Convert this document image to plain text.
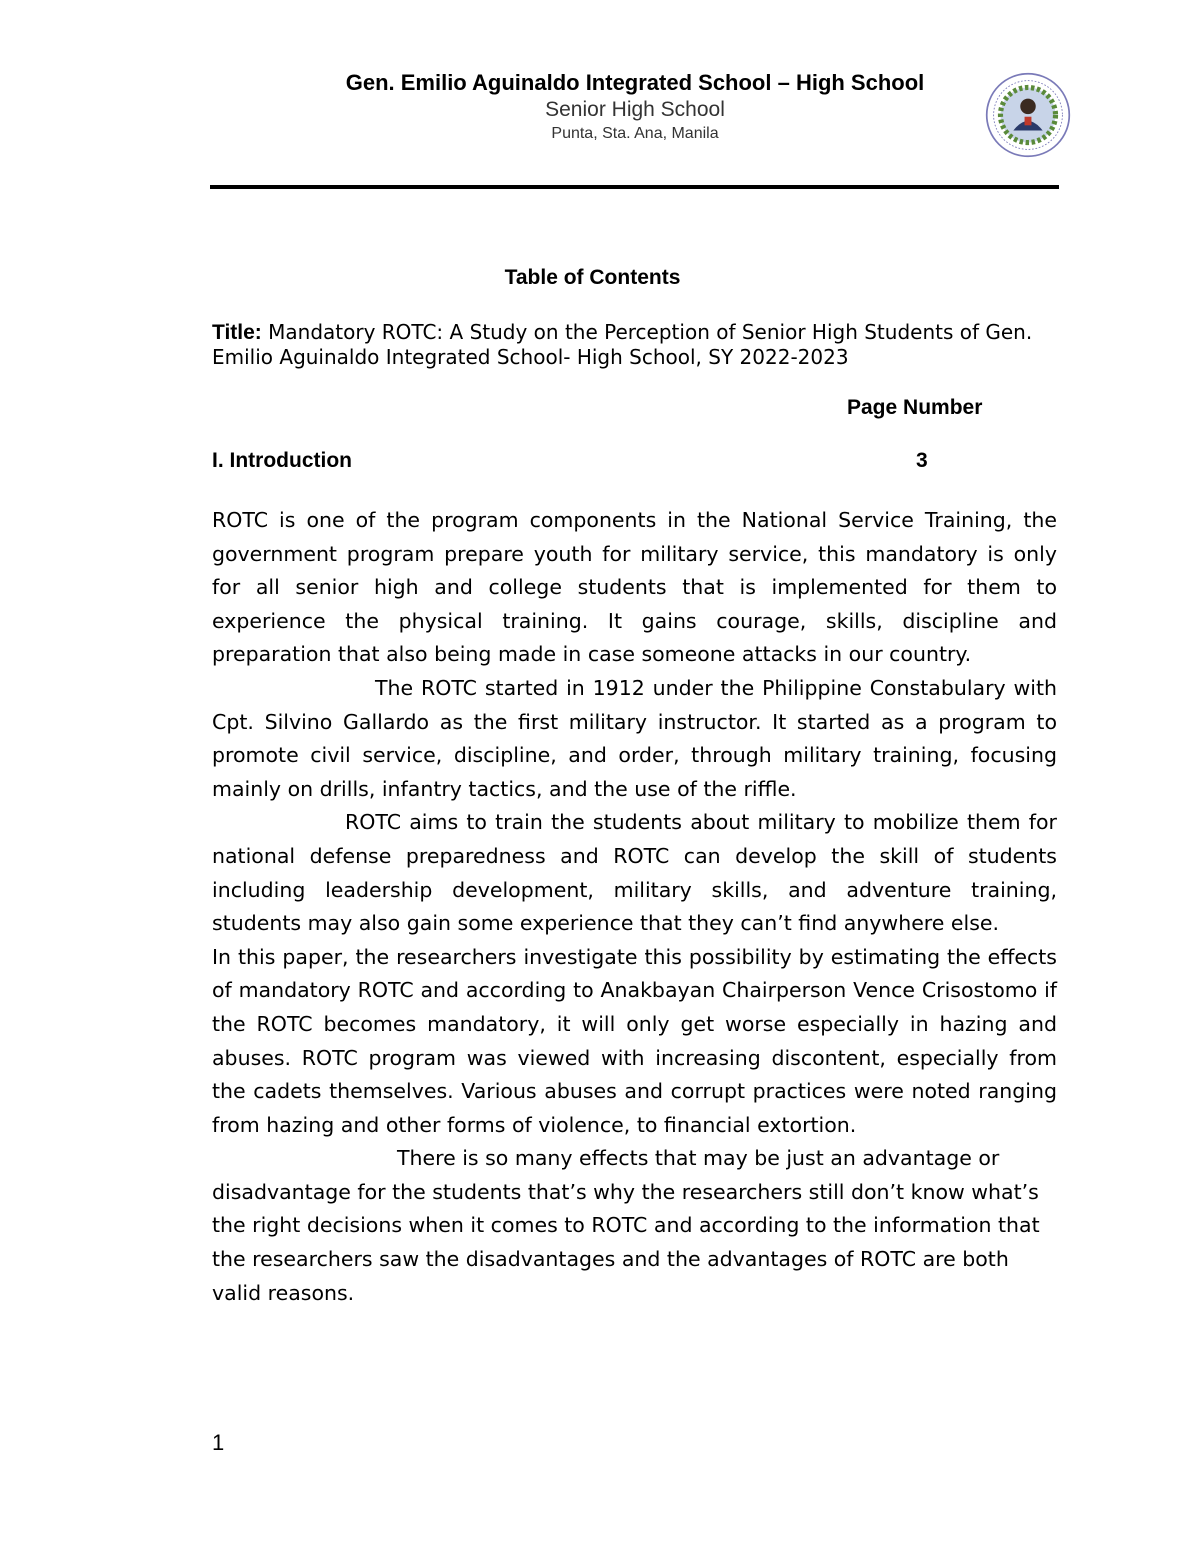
Gen. Emilio Aguinaldo Integrated School – High School
Senior High School
Punta, Sta. Ana, Manila
Table of Contents
Title: Mandatory ROTC: A Study on the Perception of Senior High Students of Gen. Emilio Aguinaldo Integrated School- High School, SY 2022-2023
Page Number
I. Introduction	3

ROTC is one of the program components in the National Service Training, the government program prepare youth for military service, this mandatory is only for all senior high and college students that is implemented for them to experience the physical training. It gains courage, skills, discipline and preparation that also being made in case someone attacks in our country.

The ROTC started in 1912 under the Philippine Constabulary with Cpt. Silvino Gallardo as the first military instructor. It started as a program to promote civil service, discipline, and order, through military training, focusing mainly on drills, infantry tactics, and the use of the riffle.

ROTC aims to train the students about military to mobilize them for national defense preparedness and ROTC can develop the skill of students including leadership development, military skills, and adventure training, students may also gain some experience that they can’t find anywhere else.

In this paper, the researchers investigate this possibility by estimating the effects of mandatory ROTC and according to Anakbayan Chairperson Vence Crisostomo if the ROTC becomes mandatory, it will only get worse especially in hazing and abuses. ROTC program was viewed with increasing discontent, especially from the cadets themselves. Various abuses and corrupt practices were noted ranging from hazing and other forms of violence, to financial extortion.

There is so many effects that may be just an advantage or disadvantage for the students that’s why the researchers still don’t know what’s the right decisions when it comes to ROTC and according to the information that the researchers saw the disadvantages and the advantages of ROTC are both valid reasons.

1
